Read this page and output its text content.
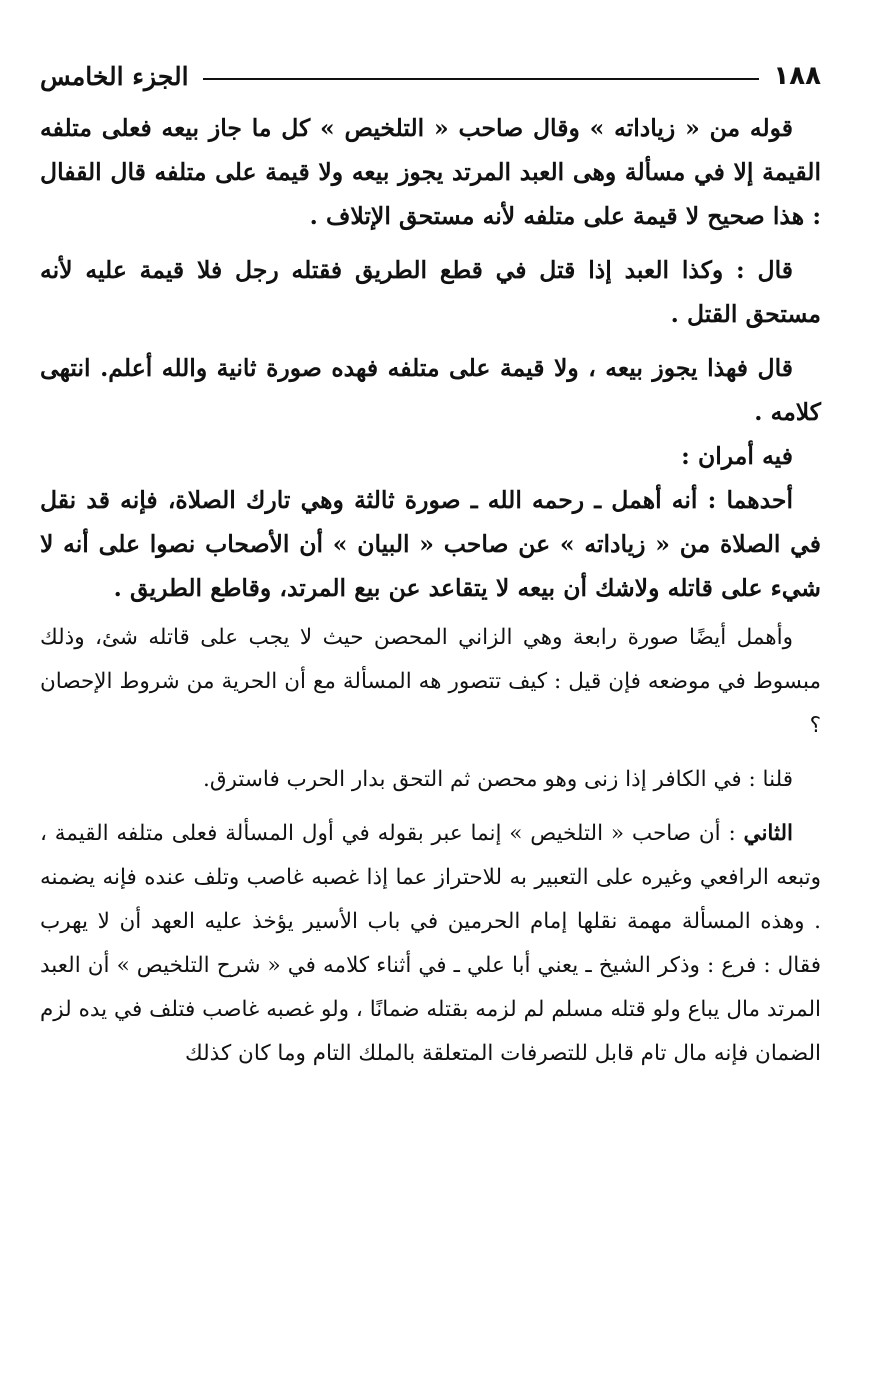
١٨٨
الجزء الخامس

قوله من « زياداته » وقال صاحب « التلخيص » كل ما جاز بيعه فعلى متلفه القيمة إلا في مسألة وهى العبد المرتد يجوز بيعه ولا قيمة على متلفه قال القفال : هذا صحيح لا قيمة على متلفه لأنه مستحق الإتلاف .

قال : وكذا العبد إذا قتل في قطع الطريق فقتله رجل فلا قيمة عليه لأنه مستحق القتل .

قال فهذا يجوز بيعه ، ولا قيمة على متلفه فهده صورة ثانية والله أعلم. انتهى كلامه .

فيه أمران :

أحدهما : أنه أهمل ـ رحمه الله ـ صورة ثالثة وهي تارك الصلاة، فإنه قد نقل في الصلاة من « زياداته » عن صاحب « البيان » أن الأصحاب نصوا على أنه لا شيء على قاتله ولاشك أن بيعه لا يتقاعد عن بيع المرتد، وقاطع الطريق .

وأهمل أيضًا صورة رابعة وهي الزاني المحصن حيث لا يجب على قاتله شئ، وذلك مبسوط في موضعه فإن قيل : كيف تتصور هه المسألة مع أن الحرية من شروط الإحصان ؟

قلنا : في الكافر إذا زنى وهو محصن ثم التحق بدار الحرب فاسترق.

الثاني : أن صاحب « التلخيص » إنما عبر بقوله في أول المسألة فعلى متلفه القيمة ، وتبعه الرافعي وغيره على التعبير به للاحتراز عما إذا غصبه غاصب وتلف عنده فإنه يضمنه . وهذه المسألة مهمة نقلها إمام الحرمين في باب الأسير يؤخذ عليه العهد أن لا يهرب فقال : فرع : وذكر الشيخ ـ يعني أبا علي ـ في أثناء كلامه في « شرح التلخيص » أن العبد المرتد مال يباع ولو قتله مسلم لم لزمه بقتله ضمانًا ، ولو غصبه غاصب فتلف في يده لزم الضمان فإنه مال تام قابل للتصرفات المتعلقة بالملك التام وما كان كذلك
